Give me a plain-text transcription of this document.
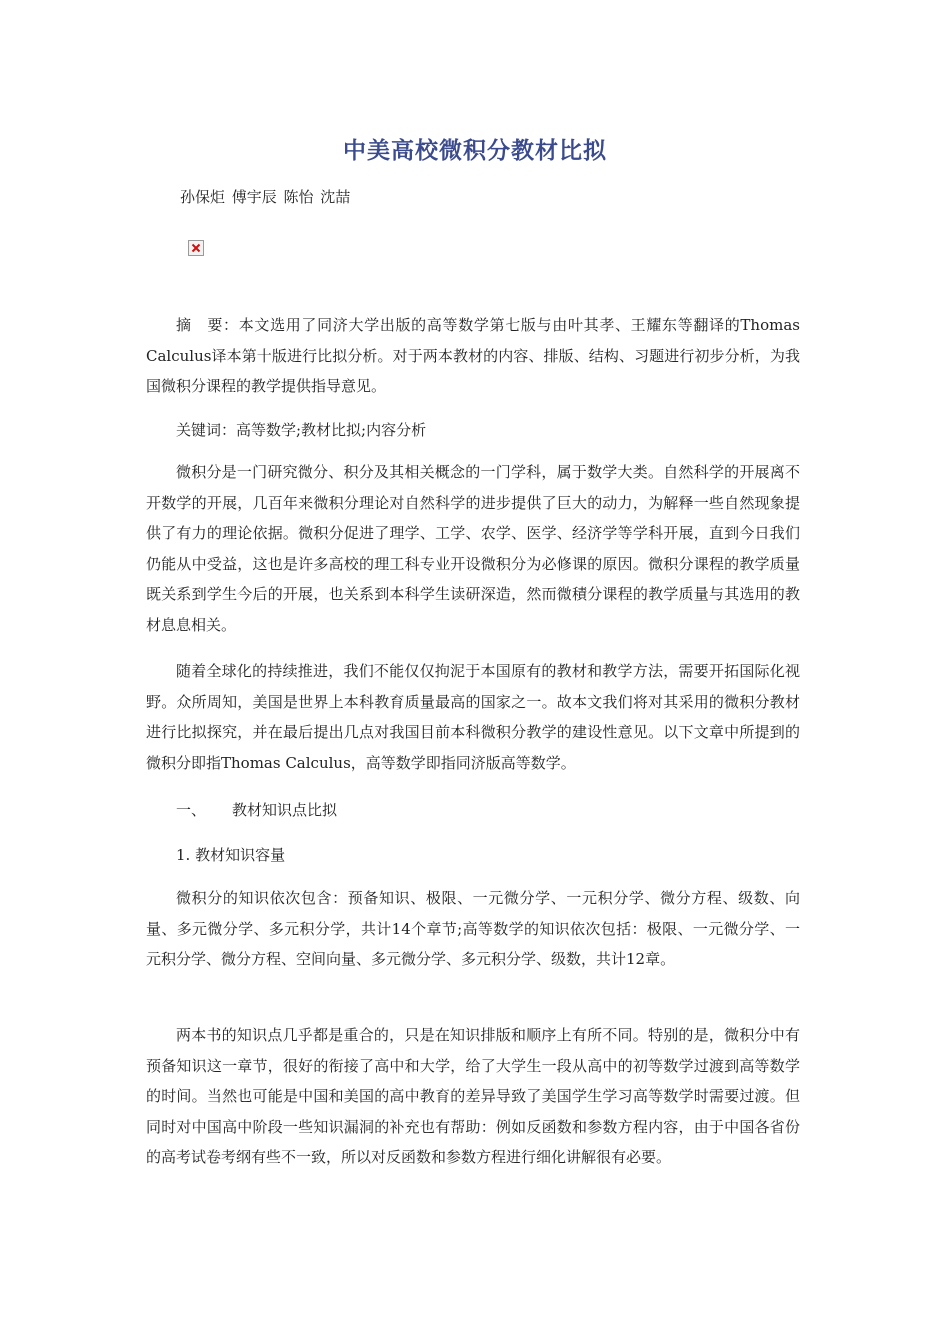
中美高校微积分教材比拟

孙保炬 傅宇辰 陈怡 沈喆

摘　要：本文选用了同济大学出版的高等数学第七版与由叶其孝、王耀东等翻译的Thomas Calculus译本第十版进行比拟分析。对于两本教材的内容、排版、结构、习题进行初步分析，为我国微积分课程的教学提供指导意见。

关键词：高等数学;教材比拟;内容分析

微积分是一门研究微分、积分及其相关概念的一门学科，属于数学大类。自然科学的开展离不开数学的开展，几百年来微积分理论对自然科学的进步提供了巨大的动力，为解释一些自然现象提供了有力的理论依据。微积分促进了理学、工学、农学、医学、经济学等学科开展，直到今日我们仍能从中受益，这也是许多高校的理工科专业开设微积分为必修课的原因。微积分课程的教学质量既关系到学生今后的开展，也关系到本科学生读研深造，然而微積分课程的教学质量与其选用的教材息息相关。

随着全球化的持续推进，我们不能仅仅拘泥于本国原有的教材和教学方法，需要开拓国际化视野。众所周知，美国是世界上本科教育质量最高的国家之一。故本文我们将对其采用的微积分教材进行比拟探究，并在最后提出几点对我国目前本科微积分教学的建设性意见。以下文章中所提到的微积分即指Thomas Calculus，高等数学即指同济版高等数学。

一、 教材知识点比拟

1. 教材知识容量

微积分的知识依次包含：预备知识、极限、一元微分学、一元积分学、微分方程、级数、向量、多元微分学、多元积分学，共计14个章节;高等数学的知识依次包括：极限、一元微分学、一元积分学、微分方程、空间向量、多元微分学、多元积分学、级数，共计12章。

两本书的知识点几乎都是重合的，只是在知识排版和顺序上有所不同。特别的是，微积分中有预备知识这一章节，很好的衔接了高中和大学，给了大学生一段从高中的初等数学过渡到高等数学的时间。当然也可能是中国和美国的高中教育的差异导致了美国学生学习高等数学时需要过渡。但同时对中国高中阶段一些知识漏洞的补充也有帮助：例如反函数和参数方程内容，由于中国各省份的高考试卷考纲有些不一致，所以对反函数和参数方程进行细化讲解很有必要。
